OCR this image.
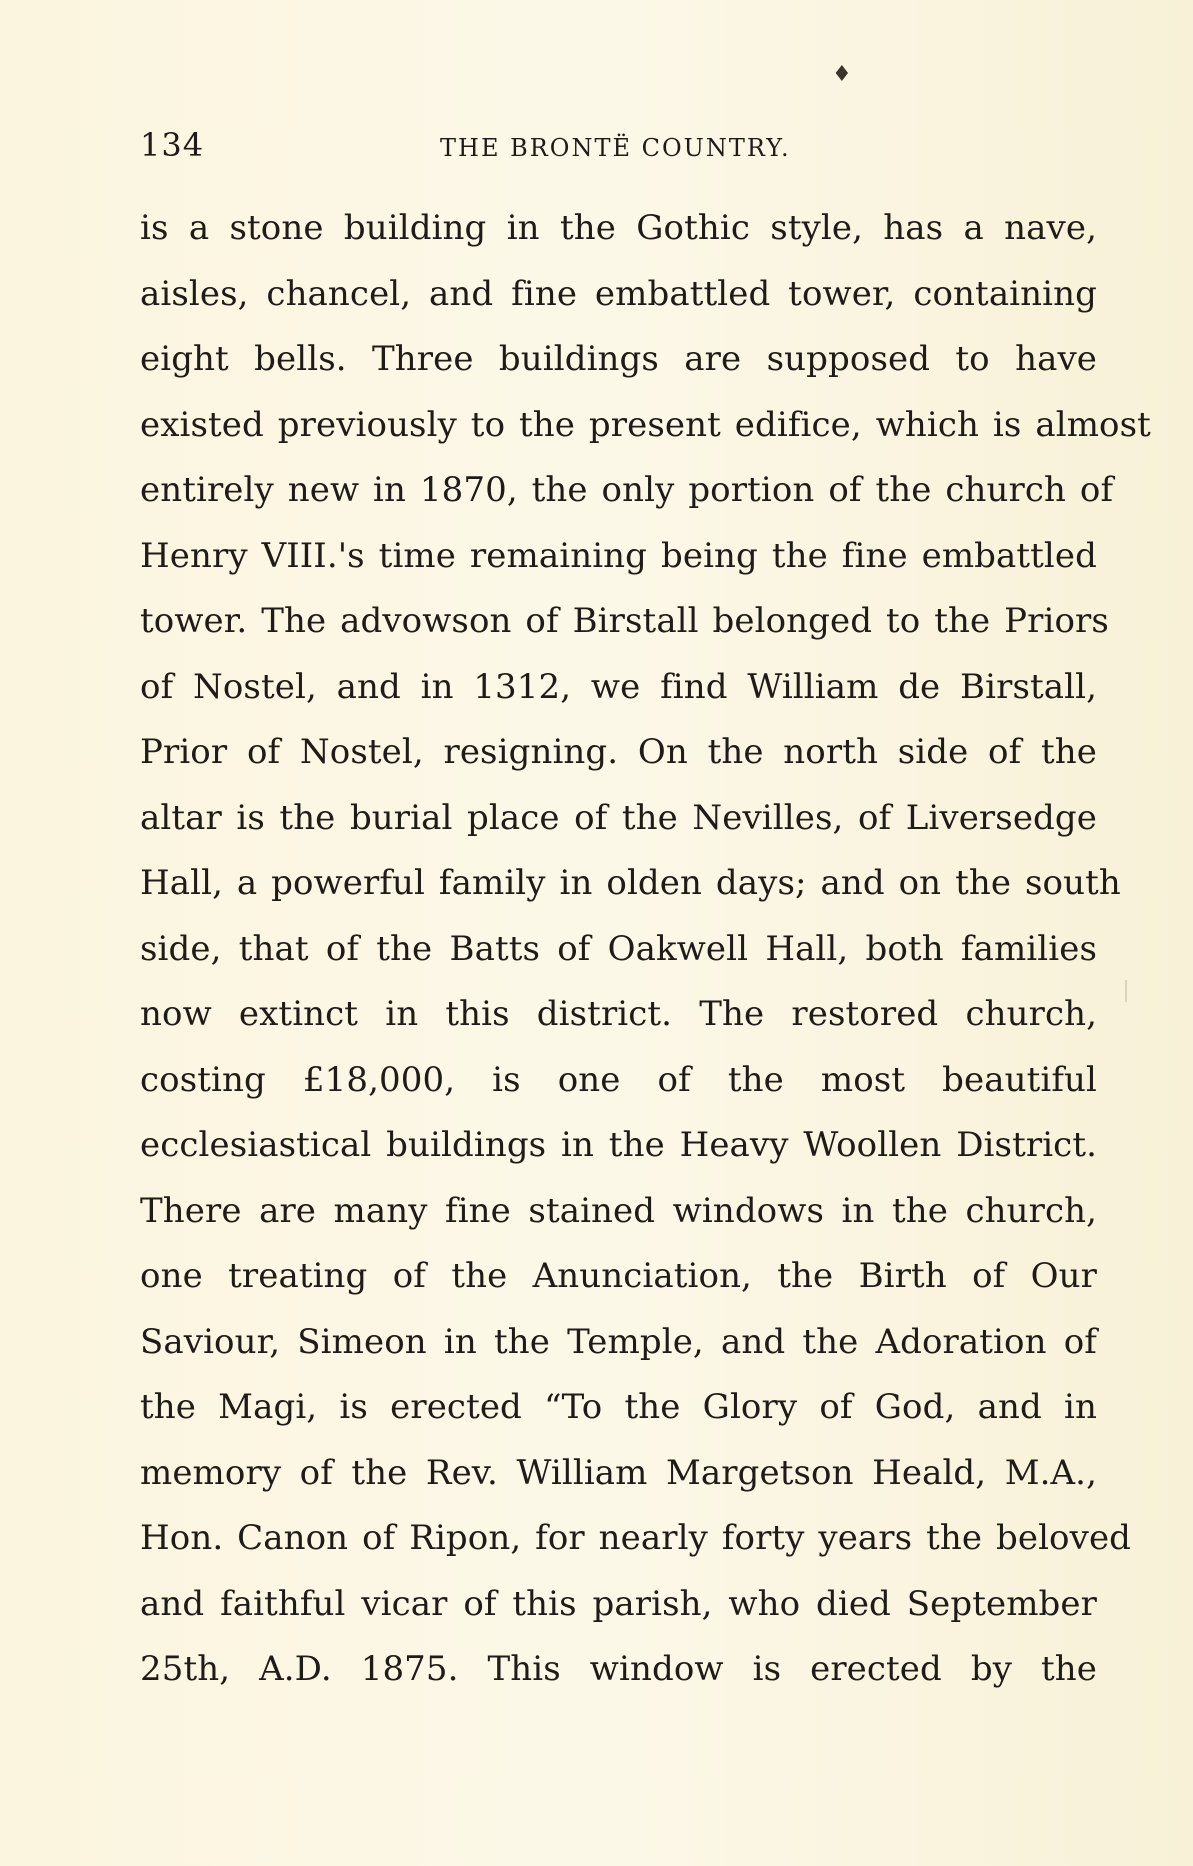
♦
134	THE BRONTË COUNTRY.
is a stone building in the Gothic style, has a nave,
aisles, chancel, and fine embattled tower, containing
eight bells. Three buildings are supposed to have
existed previously to the present edifice, which is almost
entirely new in 1870, the only portion of the church of
Henry VIII.'s time remaining being the fine embattled
tower. The advowson of Birstall belonged to the Priors
of Nostel, and in 1312, we find William de Birstall,
Prior of Nostel, resigning. On the north side of the
altar is the burial place of the Nevilles, of Liversedge
Hall, a powerful family in olden days; and on the south
side, that of the Batts of Oakwell Hall, both families
now extinct in this district. The restored church,
costing £18,000, is one of the most beautiful
ecclesiastical buildings in the Heavy Woollen District.
There are many fine stained windows in the church,
one treating of the Anunciation, the Birth of Our
Saviour, Simeon in the Temple, and the Adoration of
the Magi, is erected “To the Glory of God, and in
memory of the Rev. William Margetson Heald, M.A.,
Hon. Canon of Ripon, for nearly forty years the beloved
and faithful vicar of this parish, who died September
25th, A.D. 1875. This window is erected by the
